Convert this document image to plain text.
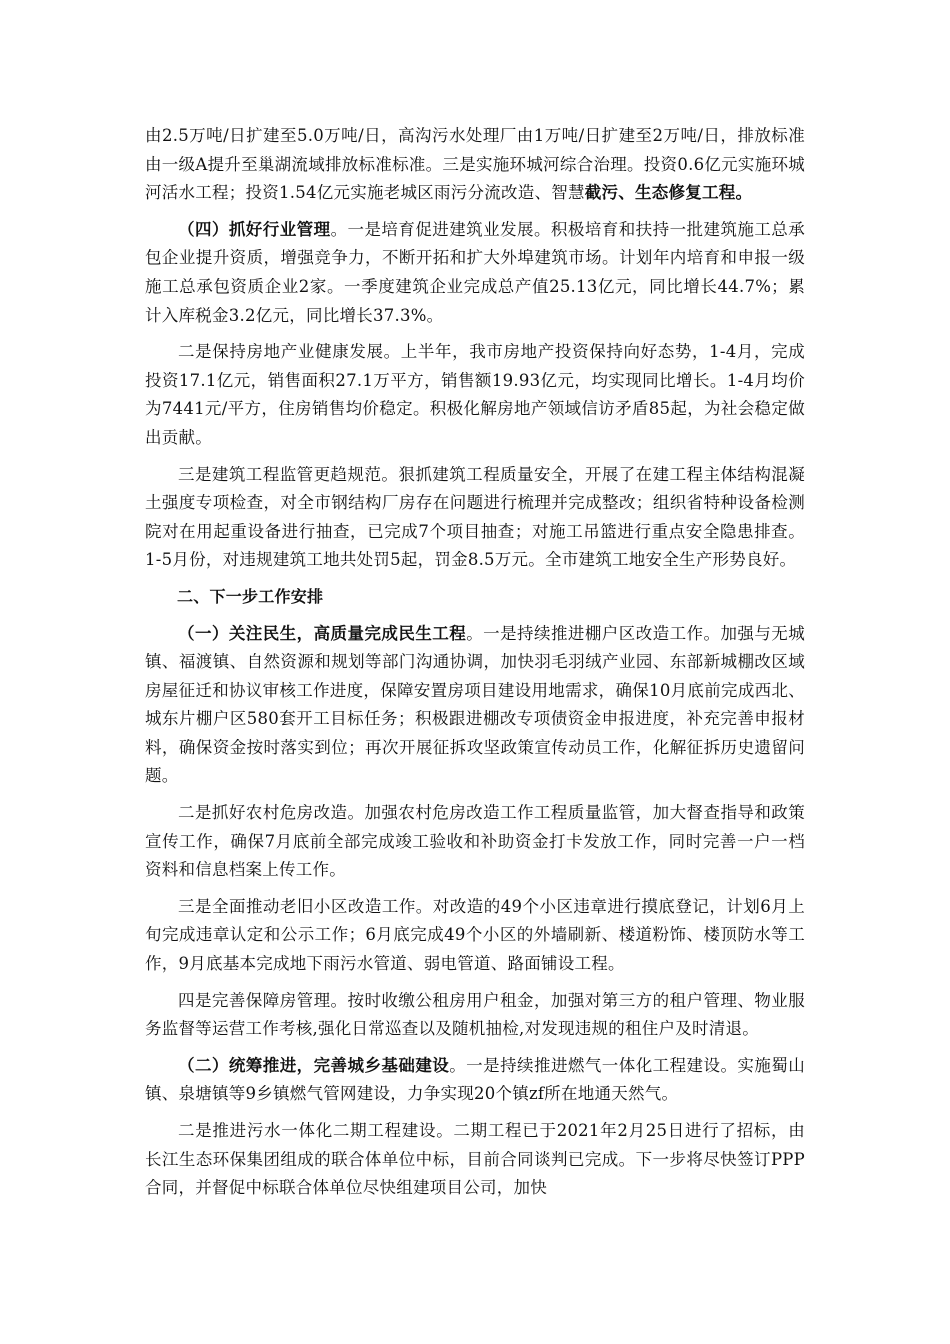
由2.5万吨/日扩建至5.0万吨/日，高沟污水处理厂由1万吨/日扩建至2万吨/日，排放标准由一级A提升至巢湖流域排放标准标准。三是实施环城河综合治理。投资0.6亿元实施环城河活水工程；投资1.54亿元实施老城区雨污分流改造、智慧截污、生态修复工程。

（四）抓好行业管理。一是培育促进建筑业发展。积极培育和扶持一批建筑施工总承包企业提升资质，增强竞争力，不断开拓和扩大外埠建筑市场。计划年内培育和申报一级施工总承包资质企业2家。一季度建筑企业完成总产值25.13亿元，同比增长44.7%；累计入库税金3.2亿元，同比增长37.3%。

二是保持房地产业健康发展。上半年，我市房地产投资保持向好态势，1-4月，完成投资17.1亿元，销售面积27.1万平方，销售额19.93亿元，均实现同比增长。1-4月均价为7441元/平方，住房销售均价稳定。积极化解房地产领域信访矛盾85起，为社会稳定做出贡献。

三是建筑工程监管更趋规范。狠抓建筑工程质量安全，开展了在建工程主体结构混凝土强度专项检查，对全市钢结构厂房存在问题进行梳理并完成整改；组织省特种设备检测院对在用起重设备进行抽查，已完成7个项目抽查；对施工吊篮进行重点安全隐患排查。1-5月份，对违规建筑工地共处罚5起，罚金8.5万元。全市建筑工地安全生产形势良好。

二、下一步工作安排

（一）关注民生，高质量完成民生工程。一是持续推进棚户区改造工作。加强与无城镇、福渡镇、自然资源和规划等部门沟通协调，加快羽毛羽绒产业园、东部新城棚改区域房屋征迁和协议审核工作进度，保障安置房项目建设用地需求，确保10月底前完成西北、城东片棚户区580套开工目标任务；积极跟进棚改专项债资金申报进度，补充完善申报材料，确保资金按时落实到位；再次开展征拆攻坚政策宣传动员工作，化解征拆历史遗留问题。

二是抓好农村危房改造。加强农村危房改造工作工程质量监管，加大督查指导和政策宣传工作，确保7月底前全部完成竣工验收和补助资金打卡发放工作，同时完善一户一档资料和信息档案上传工作。

三是全面推动老旧小区改造工作。对改造的49个小区违章进行摸底登记，计划6月上旬完成违章认定和公示工作；6月底完成49个小区的外墙刷新、楼道粉饰、楼顶防水等工作，9月底基本完成地下雨污水管道、弱电管道、路面铺设工程。

四是完善保障房管理。按时收缴公租房用户租金，加强对第三方的租户管理、物业服务监督等运营工作考核,强化日常巡查以及随机抽检,对发现违规的租住户及时清退。

（二）统筹推进，完善城乡基础建设。一是持续推进燃气一体化工程建设。实施蜀山镇、泉塘镇等9乡镇燃气管网建设，力争实现20个镇zf所在地通天然气。

二是推进污水一体化二期工程建设。二期工程已于2021年2月25日进行了招标，由长江生态环保集团组成的联合体单位中标，目前合同谈判已完成。下一步将尽快签订PPP合同，并督促中标联合体单位尽快组建项目公司，加快
